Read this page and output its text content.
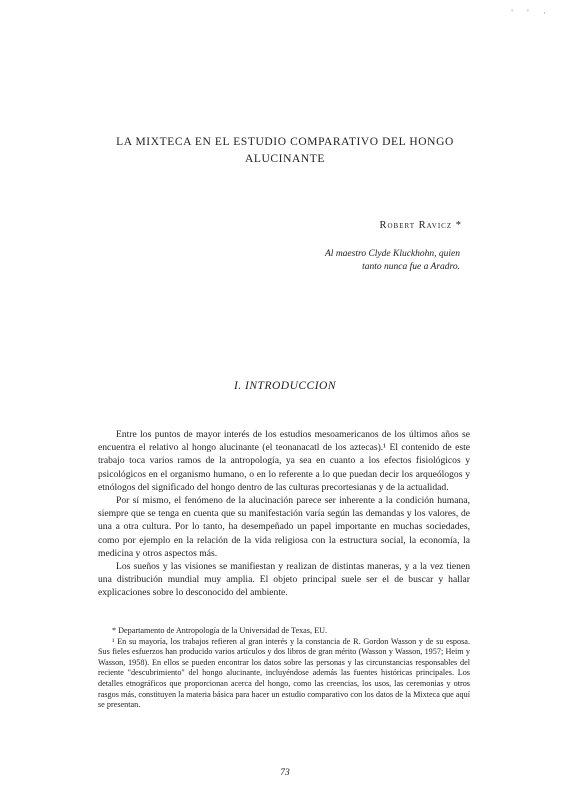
' ' ·
LA MIXTECA EN EL ESTUDIO COMPARATIVO DEL HONGO
ALUCINANTE
Robert Ravicz *
Al maestro Clyde Kluckhohn, quien
tanto nunca fue a Aradro.
I. INTRODUCCION

Entre los puntos de mayor interés de los estudios mesoamericanos de los últimos años se encuentra el relativo al hongo alucinante (el teonanacatl de los aztecas).¹ El contenido de este trabajo toca varios ramos de la antropología, ya sea en cuanto a los efectos fisiológicos y psicológicos en el organismo humano, o en lo referente a lo que puedan decir los arqueólogos y etnólogos del significado del hongo dentro de las culturas precortesianas y de la actualidad.

Por sí mismo, el fenómeno de la alucinación parece ser inherente a la condición humana, siempre que se tenga en cuenta que su manifestación varía según las demandas y los valores, de una a otra cultura. Por lo tanto, ha desempeñado un papel importante en muchas sociedades, como por ejemplo en la relación de la vida religiosa con la estructura social, la economía, la medicina y otros aspectos más.

Los sueños y las visiones se manifiestan y realizan de distintas maneras, y a la vez tienen una distribución mundial muy amplia. El objeto principal suele ser el de buscar y hallar explicaciones sobre lo desconocido del ambiente.

* Departamento de Antropología de la Universidad de Texas, EU.

¹ En su mayoría, los trabajos refieren al gran interés y la constancia de R. Gordon Wasson y de su esposa. Sus fieles esfuerzos han producido varios artículos y dos libros de gran mérito (Wasson y Wasson, 1957; Heim y Wasson, 1958). En ellos se pueden encontrar los datos sobre las personas y las circunstancias responsables del reciente "descubrimiento" del hongo alucinante, incluyéndose además las fuentes históricas principales. Los detalles etnográficos que proporcionan acerca del hongo, como las creencias, los usos, las ceremonias y otros rasgos más, constituyen la materia básica para hacer un estudio comparativo con los datos de la Mixteca que aquí se presentan.

73
